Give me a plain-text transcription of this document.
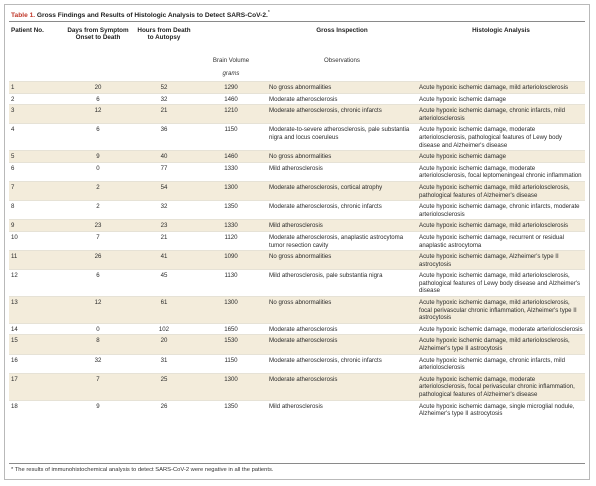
Table 1. Gross Findings and Results of Histologic Analysis to Detect SARS-CoV-2.*
Patient No.	Days from Symptom Onset to Death	Hours from Death to Autopsy		Gross Inspection	Histologic Analysis
			Brain Volume	Observations	
			grams		
1	20	52	1290	No gross abnormalities	Acute hypoxic ischemic damage, mild arteriolosclerosis
2	6	32	1460	Moderate atherosclerosis	Acute hypoxic ischemic damage
3	12	21	1210	Moderate atherosclerosis, chronic infarcts	Acute hypoxic ischemic damage, chronic infarcts, mild arteriolosclerosis
4	6	36	1150	Moderate-to-severe atherosclerosis, pale substantia nigra and locus coeruleus	Acute hypoxic ischemic damage, moderate arteriolosclerosis, pathological features of Lewy body disease and Alzheimer's disease
5	9	40	1460	No gross abnormalities	Acute hypoxic ischemic damage
6	0	77	1330	Mild atherosclerosis	Acute hypoxic ischemic damage, moderate arteriolosclerosis, focal leptomeningeal chronic inflammation
7	2	54	1300	Moderate atherosclerosis, cortical atrophy	Acute hypoxic ischemic damage, mild arteriolosclerosis, pathological features of Alzheimer's disease
8	2	32	1350	Moderate atherosclerosis, chronic infarcts	Acute hypoxic ischemic damage, chronic infarcts, moderate arteriolosclerosis
9	23	23	1330	Mild atherosclerosis	Acute hypoxic ischemic damage, mild arteriolosclerosis
10	7	21	1120	Moderate atherosclerosis, anaplastic astrocytoma tumor resection cavity	Acute hypoxic ischemic damage, recurrent or residual anaplastic astrocytoma
11	26	41	1090	No gross abnormalities	Acute hypoxic ischemic damage, Alzheimer's type II astrocytosis
12	6	45	1130	Mild atherosclerosis, pale substantia nigra	Acute hypoxic ischemic damage, mild arteriolosclerosis, pathological features of Lewy body disease and Alzheimer's disease
13	12	61	1300	No gross abnormalities	Acute hypoxic ischemic damage, mild arteriolosclerosis, focal perivascular chronic inflammation, Alzheimer's type II astrocytosis
14	0	102	1650	Moderate atherosclerosis	Acute hypoxic ischemic damage, moderate arteriolosclerosis
15	8	20	1530	Moderate atherosclerosis	Acute hypoxic ischemic damage, mild arteriolosclerosis, Alzheimer's type II astrocytosis
16	32	31	1150	Moderate atherosclerosis, chronic infarcts	Acute hypoxic ischemic damage, chronic infarcts, mild arteriolosclerosis
17	7	25	1300	Moderate atherosclerosis	Acute hypoxic ischemic damage, moderate arteriolosclerosis, focal perivascular chronic inflammation, pathological features of Alzheimer's disease
18	9	26	1350	Mild atherosclerosis	Acute hypoxic ischemic damage, single microglial nodule, Alzheimer's type II astrocytosis
* The results of immunohistochemical analysis to detect SARS-CoV-2 were negative in all the patients.
